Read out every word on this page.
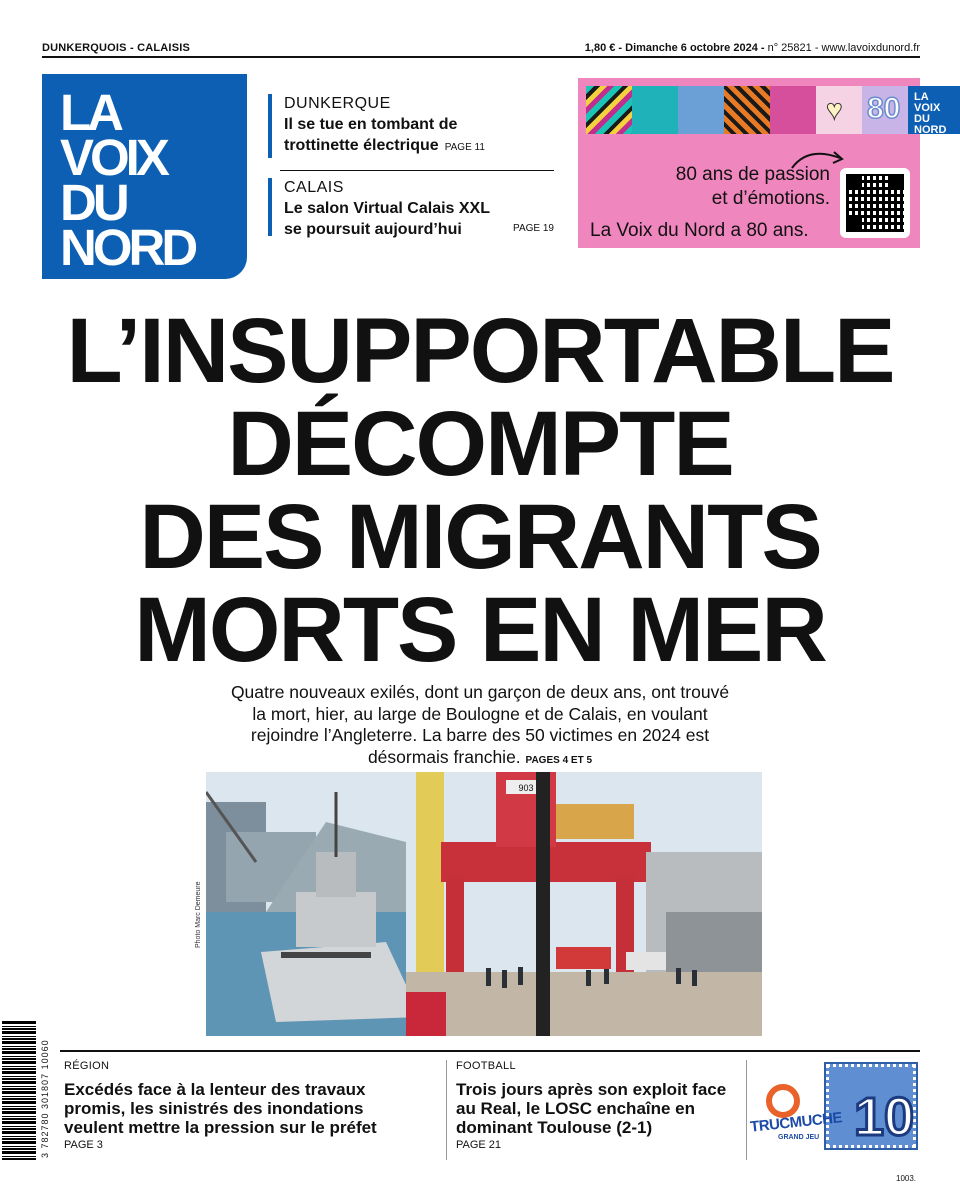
DUNKERQUOIS - CALAISIS	1,80 € - Dimanche 6 octobre 2024 - n° 25821 - www.lavoixdunord.fr
LA
VOIX
DU
NORD
DUNKERQUE
Il se tue en tombant de
trottinette électrique PAGE 11
CALAIS
Le salon Virtual Calais XXL
se poursuit aujourd’hui	PAGE 19
♥ 80 LA
VOIX
DU
NORD
80 ans de passion
et d’émotions.
La Voix du Nord a 80 ans.
L’INSUPPORTABLE
DÉCOMPTE
DES MIGRANTS
MORTS EN MER

Quatre nouveaux exilés, dont un garçon de deux ans, ont trouvé la mort, hier, au large de Boulogne et de Calais, en voulant rejoindre l’Angleterre. La barre des 50 victimes en 2024 est désormais franchie. PAGES 4 ET 5

903
Photo Marc Demeure
3 782780 301807 10060 RÉGION
Excédés face à la lenteur des travaux promis, les sinistrés des inondations veulent mettre la pression sur le préfet
PAGE 3
FOOTBALL
Trois jours après son exploit face au Real, le LOSC enchaîne en dominant Toulouse (2-1)
PAGE 21
TRUCMUCHE
GRAND JEU 10
1003.
